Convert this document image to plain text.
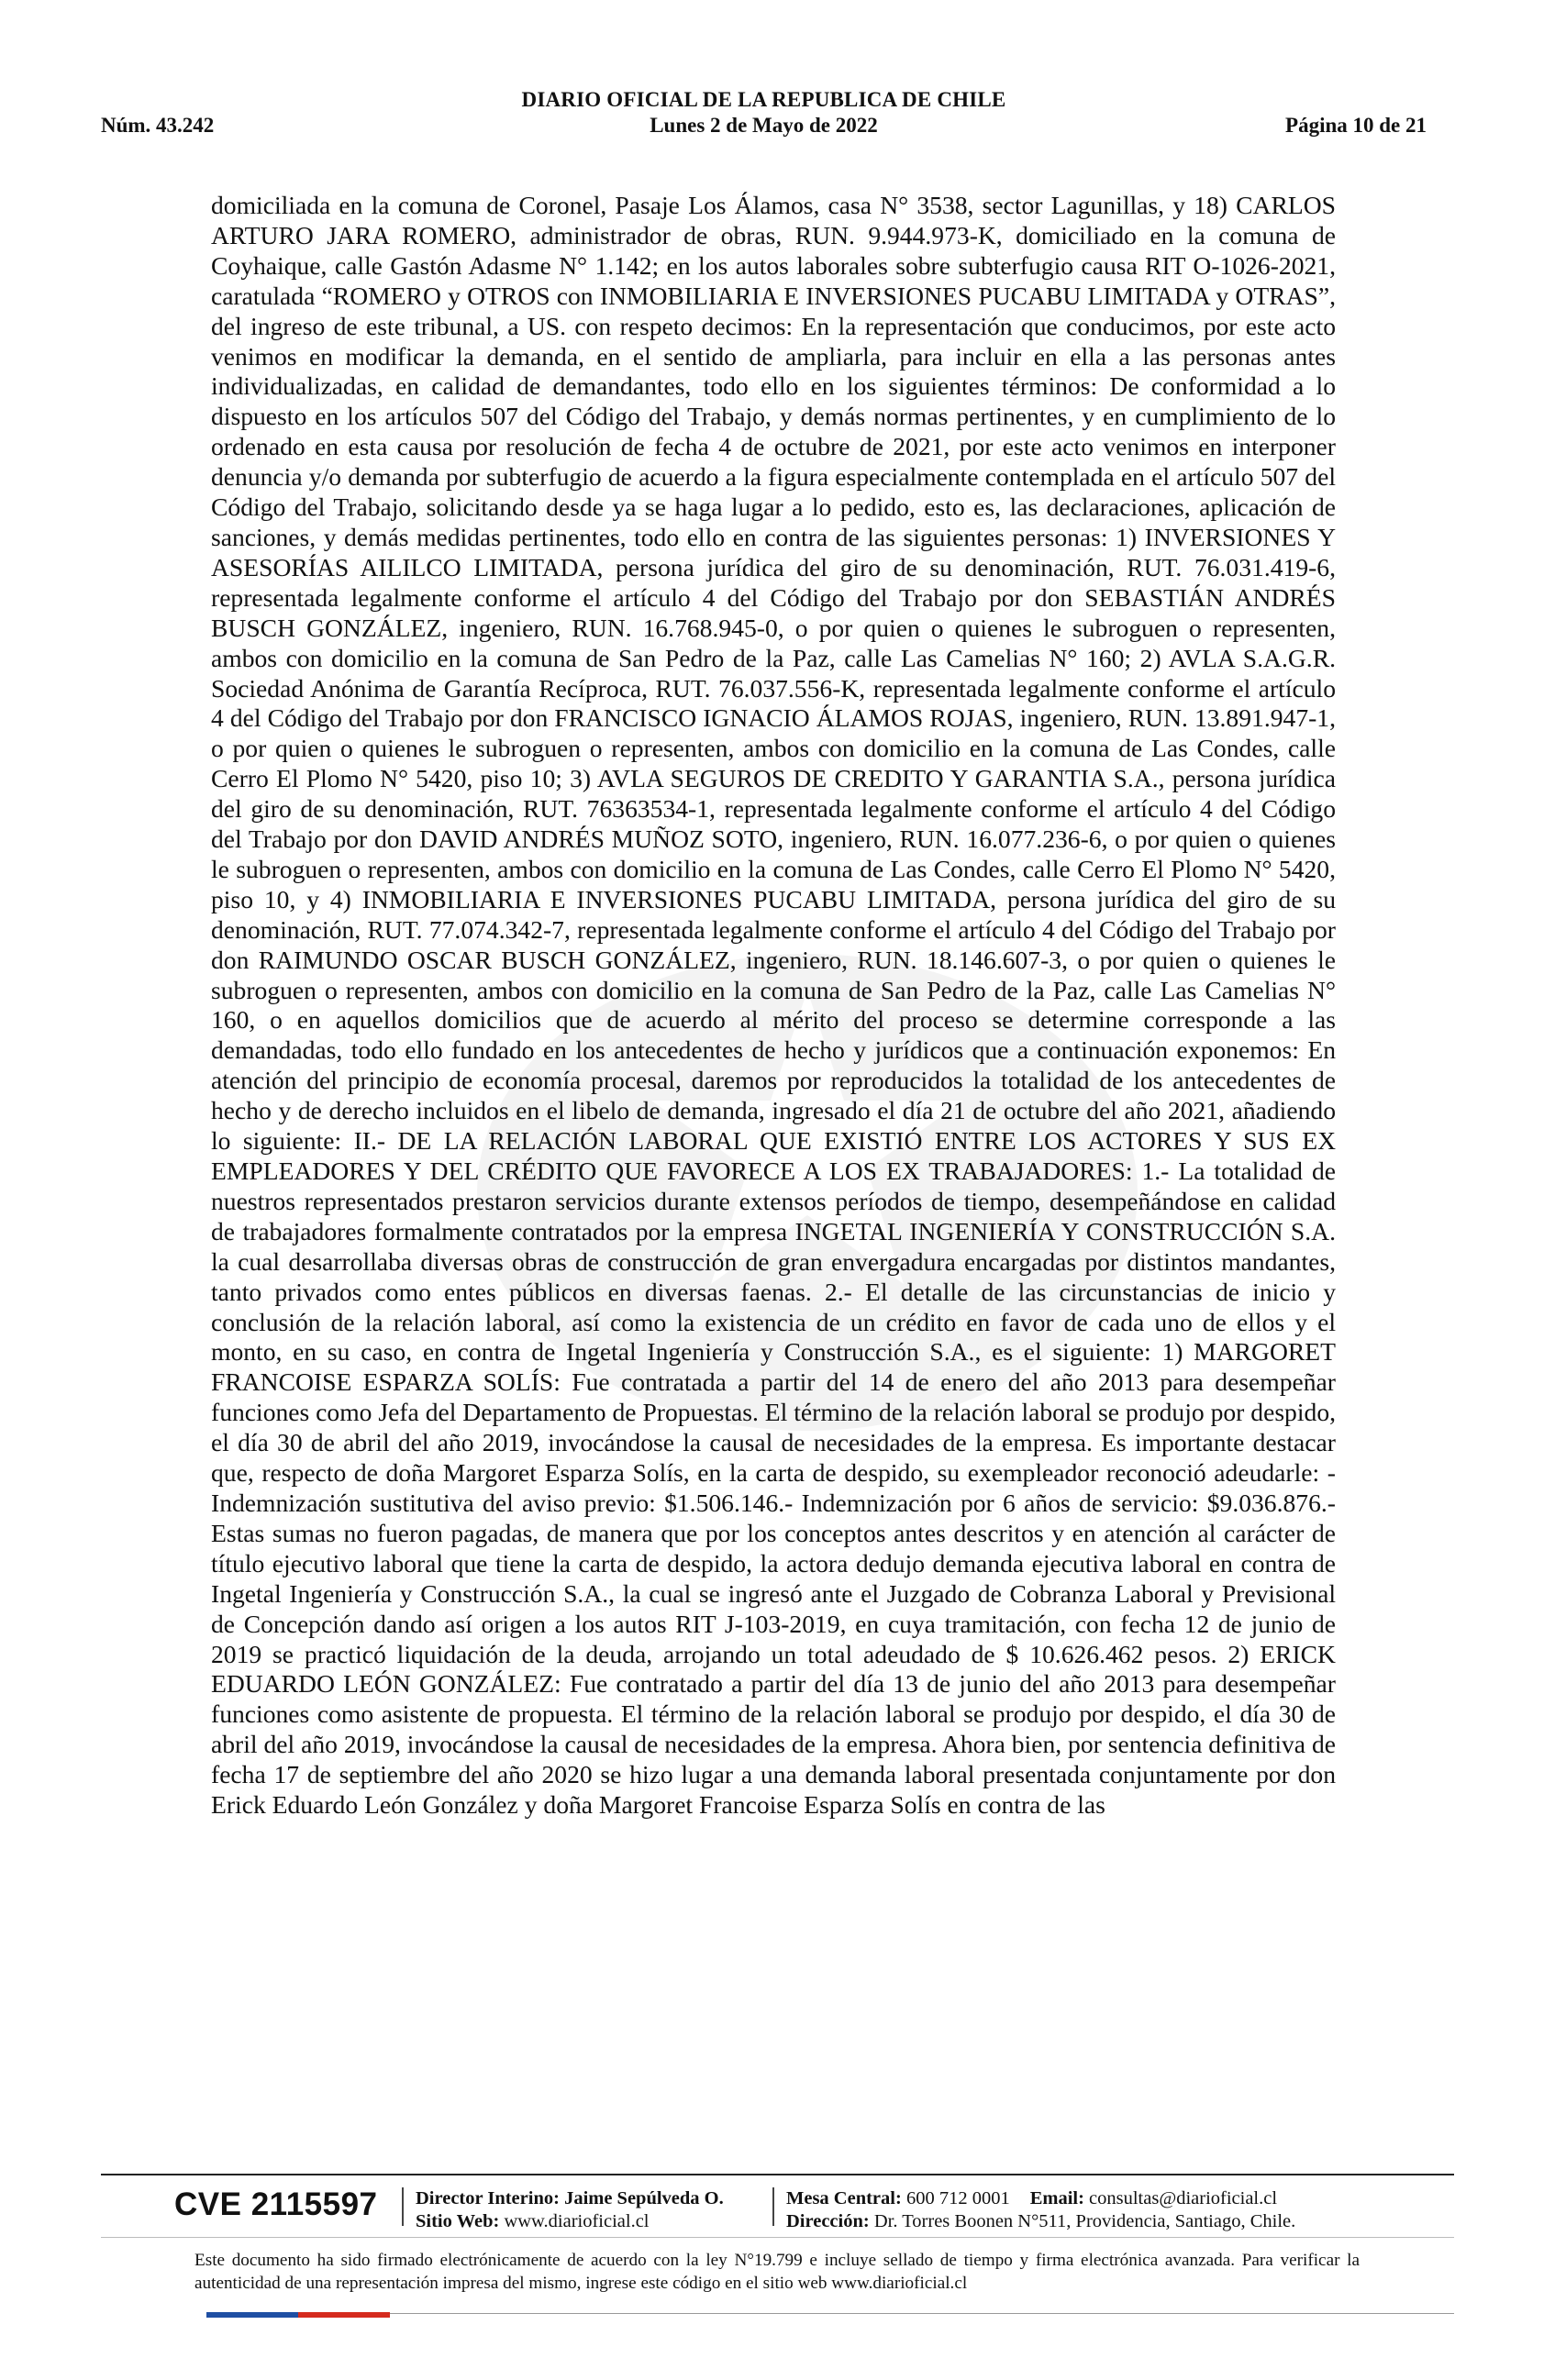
DIARIO OFICIAL DE LA REPUBLICA DE CHILE
Núm. 43.242	Lunes 2 de Mayo de 2022	Página 10 de 21
domiciliada en la comuna de Coronel, Pasaje Los Álamos, casa N° 3538, sector Lagunillas, y 18) CARLOS ARTURO JARA ROMERO, administrador de obras, RUN. 9.944.973-K, domiciliado en la comuna de Coyhaique, calle Gastón Adasme N° 1.142; en los autos laborales sobre subterfugio causa RIT O-1026-2021, caratulada “ROMERO y OTROS con INMOBILIARIA E INVERSIONES PUCABU LIMITADA y OTRAS”, del ingreso de este tribunal, a US. con respeto decimos: En la representación que conducimos, por este acto venimos en modificar la demanda, en el sentido de ampliarla, para incluir en ella a las personas antes individualizadas, en calidad de demandantes, todo ello en los siguientes términos: De conformidad a lo dispuesto en los artículos 507 del Código del Trabajo, y demás normas pertinentes, y en cumplimiento de lo ordenado en esta causa por resolución de fecha 4 de octubre de 2021, por este acto venimos en interponer denuncia y/o demanda por subterfugio de acuerdo a la figura especialmente contemplada en el artículo 507 del Código del Trabajo, solicitando desde ya se haga lugar a lo pedido, esto es, las declaraciones, aplicación de sanciones, y demás medidas pertinentes, todo ello en contra de las siguientes personas: 1) INVERSIONES Y ASESORÍAS AILILCO LIMITADA, persona jurídica del giro de su denominación, RUT. 76.031.419-6, representada legalmente conforme el artículo 4 del Código del Trabajo por don SEBASTIÁN ANDRÉS BUSCH GONZÁLEZ, ingeniero, RUN. 16.768.945-0, o por quien o quienes le subroguen o representen, ambos con domicilio en la comuna de San Pedro de la Paz, calle Las Camelias N° 160; 2) AVLA S.A.G.R. Sociedad Anónima de Garantía Recíproca, RUT. 76.037.556-K, representada legalmente conforme el artículo 4 del Código del Trabajo por don FRANCISCO IGNACIO ÁLAMOS ROJAS, ingeniero, RUN. 13.891.947-1, o por quien o quienes le subroguen o representen, ambos con domicilio en la comuna de Las Condes, calle Cerro El Plomo N° 5420, piso 10; 3) AVLA SEGUROS DE CREDITO Y GARANTIA S.A., persona jurídica del giro de su denominación, RUT. 76363534-1, representada legalmente conforme el artículo 4 del Código del Trabajo por don DAVID ANDRÉS MUÑOZ SOTO, ingeniero, RUN. 16.077.236-6, o por quien o quienes le subroguen o representen, ambos con domicilio en la comuna de Las Condes, calle Cerro El Plomo N° 5420, piso 10, y 4) INMOBILIARIA E INVERSIONES PUCABU LIMITADA, persona jurídica del giro de su denominación, RUT. 77.074.342-7, representada legalmente conforme el artículo 4 del Código del Trabajo por don RAIMUNDO OSCAR BUSCH GONZÁLEZ, ingeniero, RUN. 18.146.607-3, o por quien o quienes le subroguen o representen, ambos con domicilio en la comuna de San Pedro de la Paz, calle Las Camelias N° 160, o en aquellos domicilios que de acuerdo al mérito del proceso se determine corresponde a las demandadas, todo ello fundado en los antecedentes de hecho y jurídicos que a continuación exponemos: En atención del principio de economía procesal, daremos por reproducidos la totalidad de los antecedentes de hecho y de derecho incluidos en el libelo de demanda, ingresado el día 21 de octubre del año 2021, añadiendo lo siguiente: II.- DE LA RELACIÓN LABORAL QUE EXISTIÓ ENTRE LOS ACTORES Y SUS EX EMPLEADORES Y DEL CRÉDITO QUE FAVORECE A LOS EX TRABAJADORES: 1.- La totalidad de nuestros representados prestaron servicios durante extensos períodos de tiempo, desempeñándose en calidad de trabajadores formalmente contratados por la empresa INGETAL INGENIERÍA Y CONSTRUCCIÓN S.A. la cual desarrollaba diversas obras de construcción de gran envergadura encargadas por distintos mandantes, tanto privados como entes públicos en diversas faenas. 2.- El detalle de las circunstancias de inicio y conclusión de la relación laboral, así como la existencia de un crédito en favor de cada uno de ellos y el monto, en su caso, en contra de Ingetal Ingeniería y Construcción S.A., es el siguiente: 1) MARGORET FRANCOISE ESPARZA SOLÍS: Fue contratada a partir del 14 de enero del año 2013 para desempeñar funciones como Jefa del Departamento de Propuestas. El término de la relación laboral se produjo por despido, el día 30 de abril del año 2019, invocándose la causal de necesidades de la empresa. Es importante destacar que, respecto de doña Margoret Esparza Solís, en la carta de despido, su exempleador reconoció adeudarle: -Indemnización sustitutiva del aviso previo: $1.506.146.- Indemnización por 6 años de servicio: $9.036.876.- Estas sumas no fueron pagadas, de manera que por los conceptos antes descritos y en atención al carácter de título ejecutivo laboral que tiene la carta de despido, la actora dedujo demanda ejecutiva laboral en contra de Ingetal Ingeniería y Construcción S.A., la cual se ingresó ante el Juzgado de Cobranza Laboral y Previsional de Concepción dando así origen a los autos RIT J-103-2019, en cuya tramitación, con fecha 12 de junio de 2019 se practicó liquidación de la deuda, arrojando un total adeudado de $ 10.626.462 pesos. 2) ERICK EDUARDO LEÓN GONZÁLEZ: Fue contratado a partir del día 13 de junio del año 2013 para desempeñar funciones como asistente de propuesta. El término de la relación laboral se produjo por despido, el día 30 de abril del año 2019, invocándose la causal de necesidades de la empresa. Ahora bien, por sentencia definitiva de fecha 17 de septiembre del año 2020 se hizo lugar a una demanda laboral presentada conjuntamente por don Erick Eduardo León González y doña Margoret Francoise Esparza Solís en contra de las
CVE 2115597 Director Interino: Jaime Sepúlveda O.
Sitio Web: www.diarioficial.cl
Mesa Central: 600 712 0001 Email: consultas@diarioficial.cl
Dirección: Dr. Torres Boonen N°511, Providencia, Santiago, Chile.
Este documento ha sido firmado electrónicamente de acuerdo con la ley N°19.799 e incluye sellado de tiempo y firma electrónica avanzada. Para verificar la autenticidad de una representación impresa del mismo, ingrese este código en el sitio web www.diarioficial.cl
